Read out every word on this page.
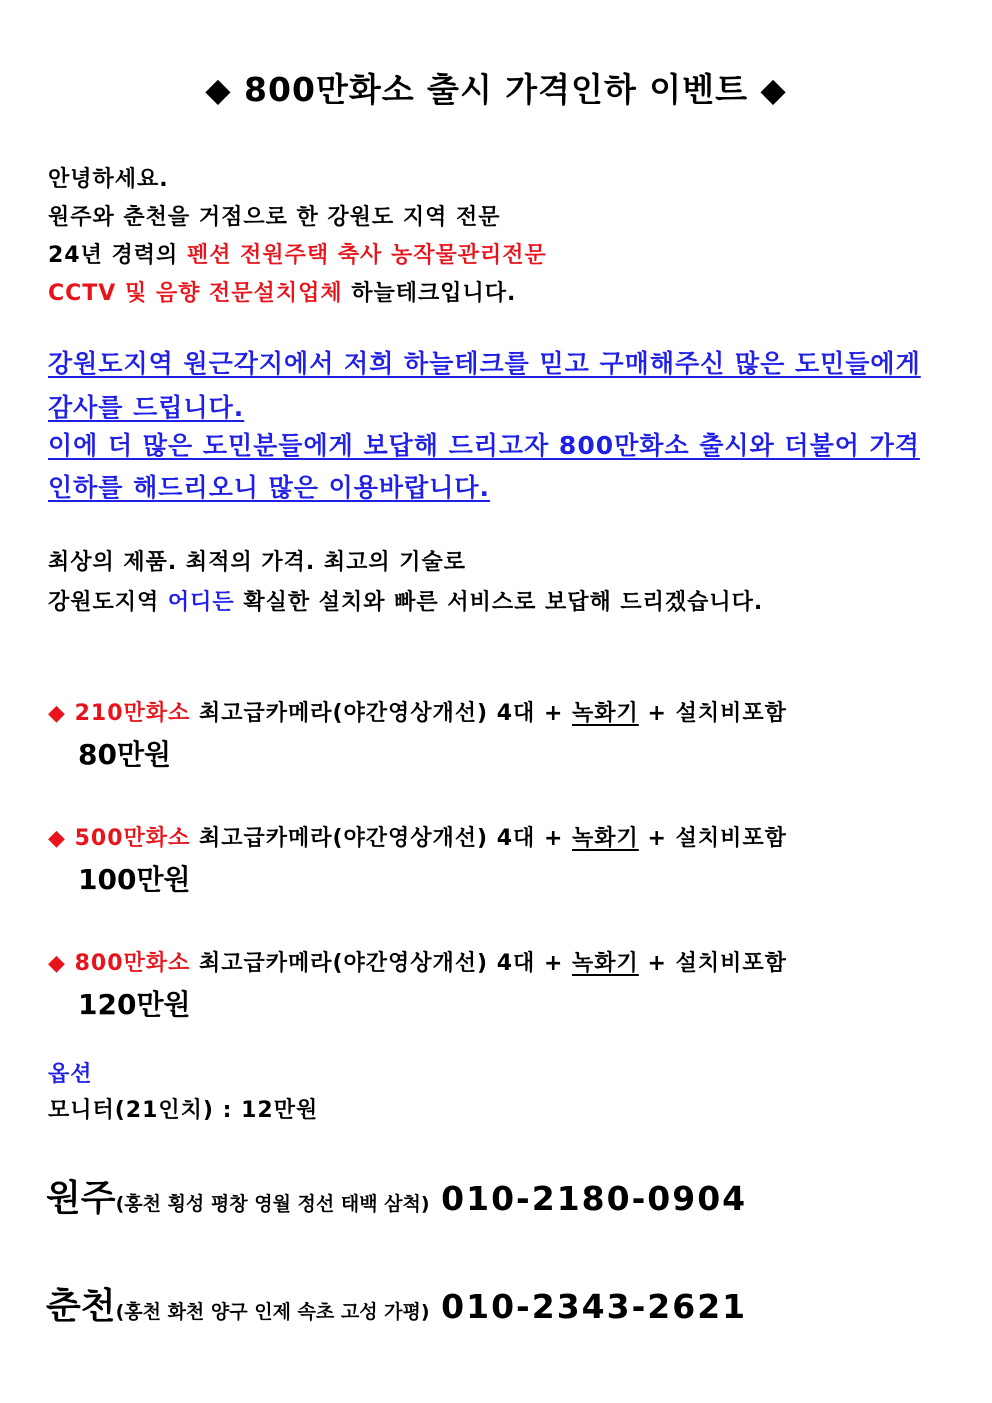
◆ 800만화소 출시 가격인하 이벤트 ◆
안녕하세요.
원주와 춘천을 거점으로 한 강원도 지역 전문
24년 경력의 펜션 전원주택 축사 농작물관리전문
CCTV 및 음향 전문설치업체 하늘테크입니다.
강원도지역 원근각지에서 저희 하늘테크를 믿고 구매해주신 많은 도민들에게
감사를 드립니다.
이에 더 많은 도민분들에게 보답해 드리고자 800만화소 출시와 더불어 가격
인하를 해드리오니 많은 이용바랍니다.
최상의 제품. 최적의 가격. 최고의 기술로
강원도지역 어디든 확실한 설치와 빠른 서비스로 보답해 드리겠습니다.
◆ 210만화소 최고급카메라(야간영상개선) 4대 + 녹화기 + 설치비포함
80만원
◆ 500만화소 최고급카메라(야간영상개선) 4대 + 녹화기 + 설치비포함
100만원
◆ 800만화소 최고급카메라(야간영상개선) 4대 + 녹화기 + 설치비포함
120만원
옵션
모니터(21인치) : 12만원
원주(홍천 횡성 평창 영월 정선 태백 삼척) 010-2180-0904
춘천(홍천 화천 양구 인제 속초 고성 가평) 010-2343-2621
